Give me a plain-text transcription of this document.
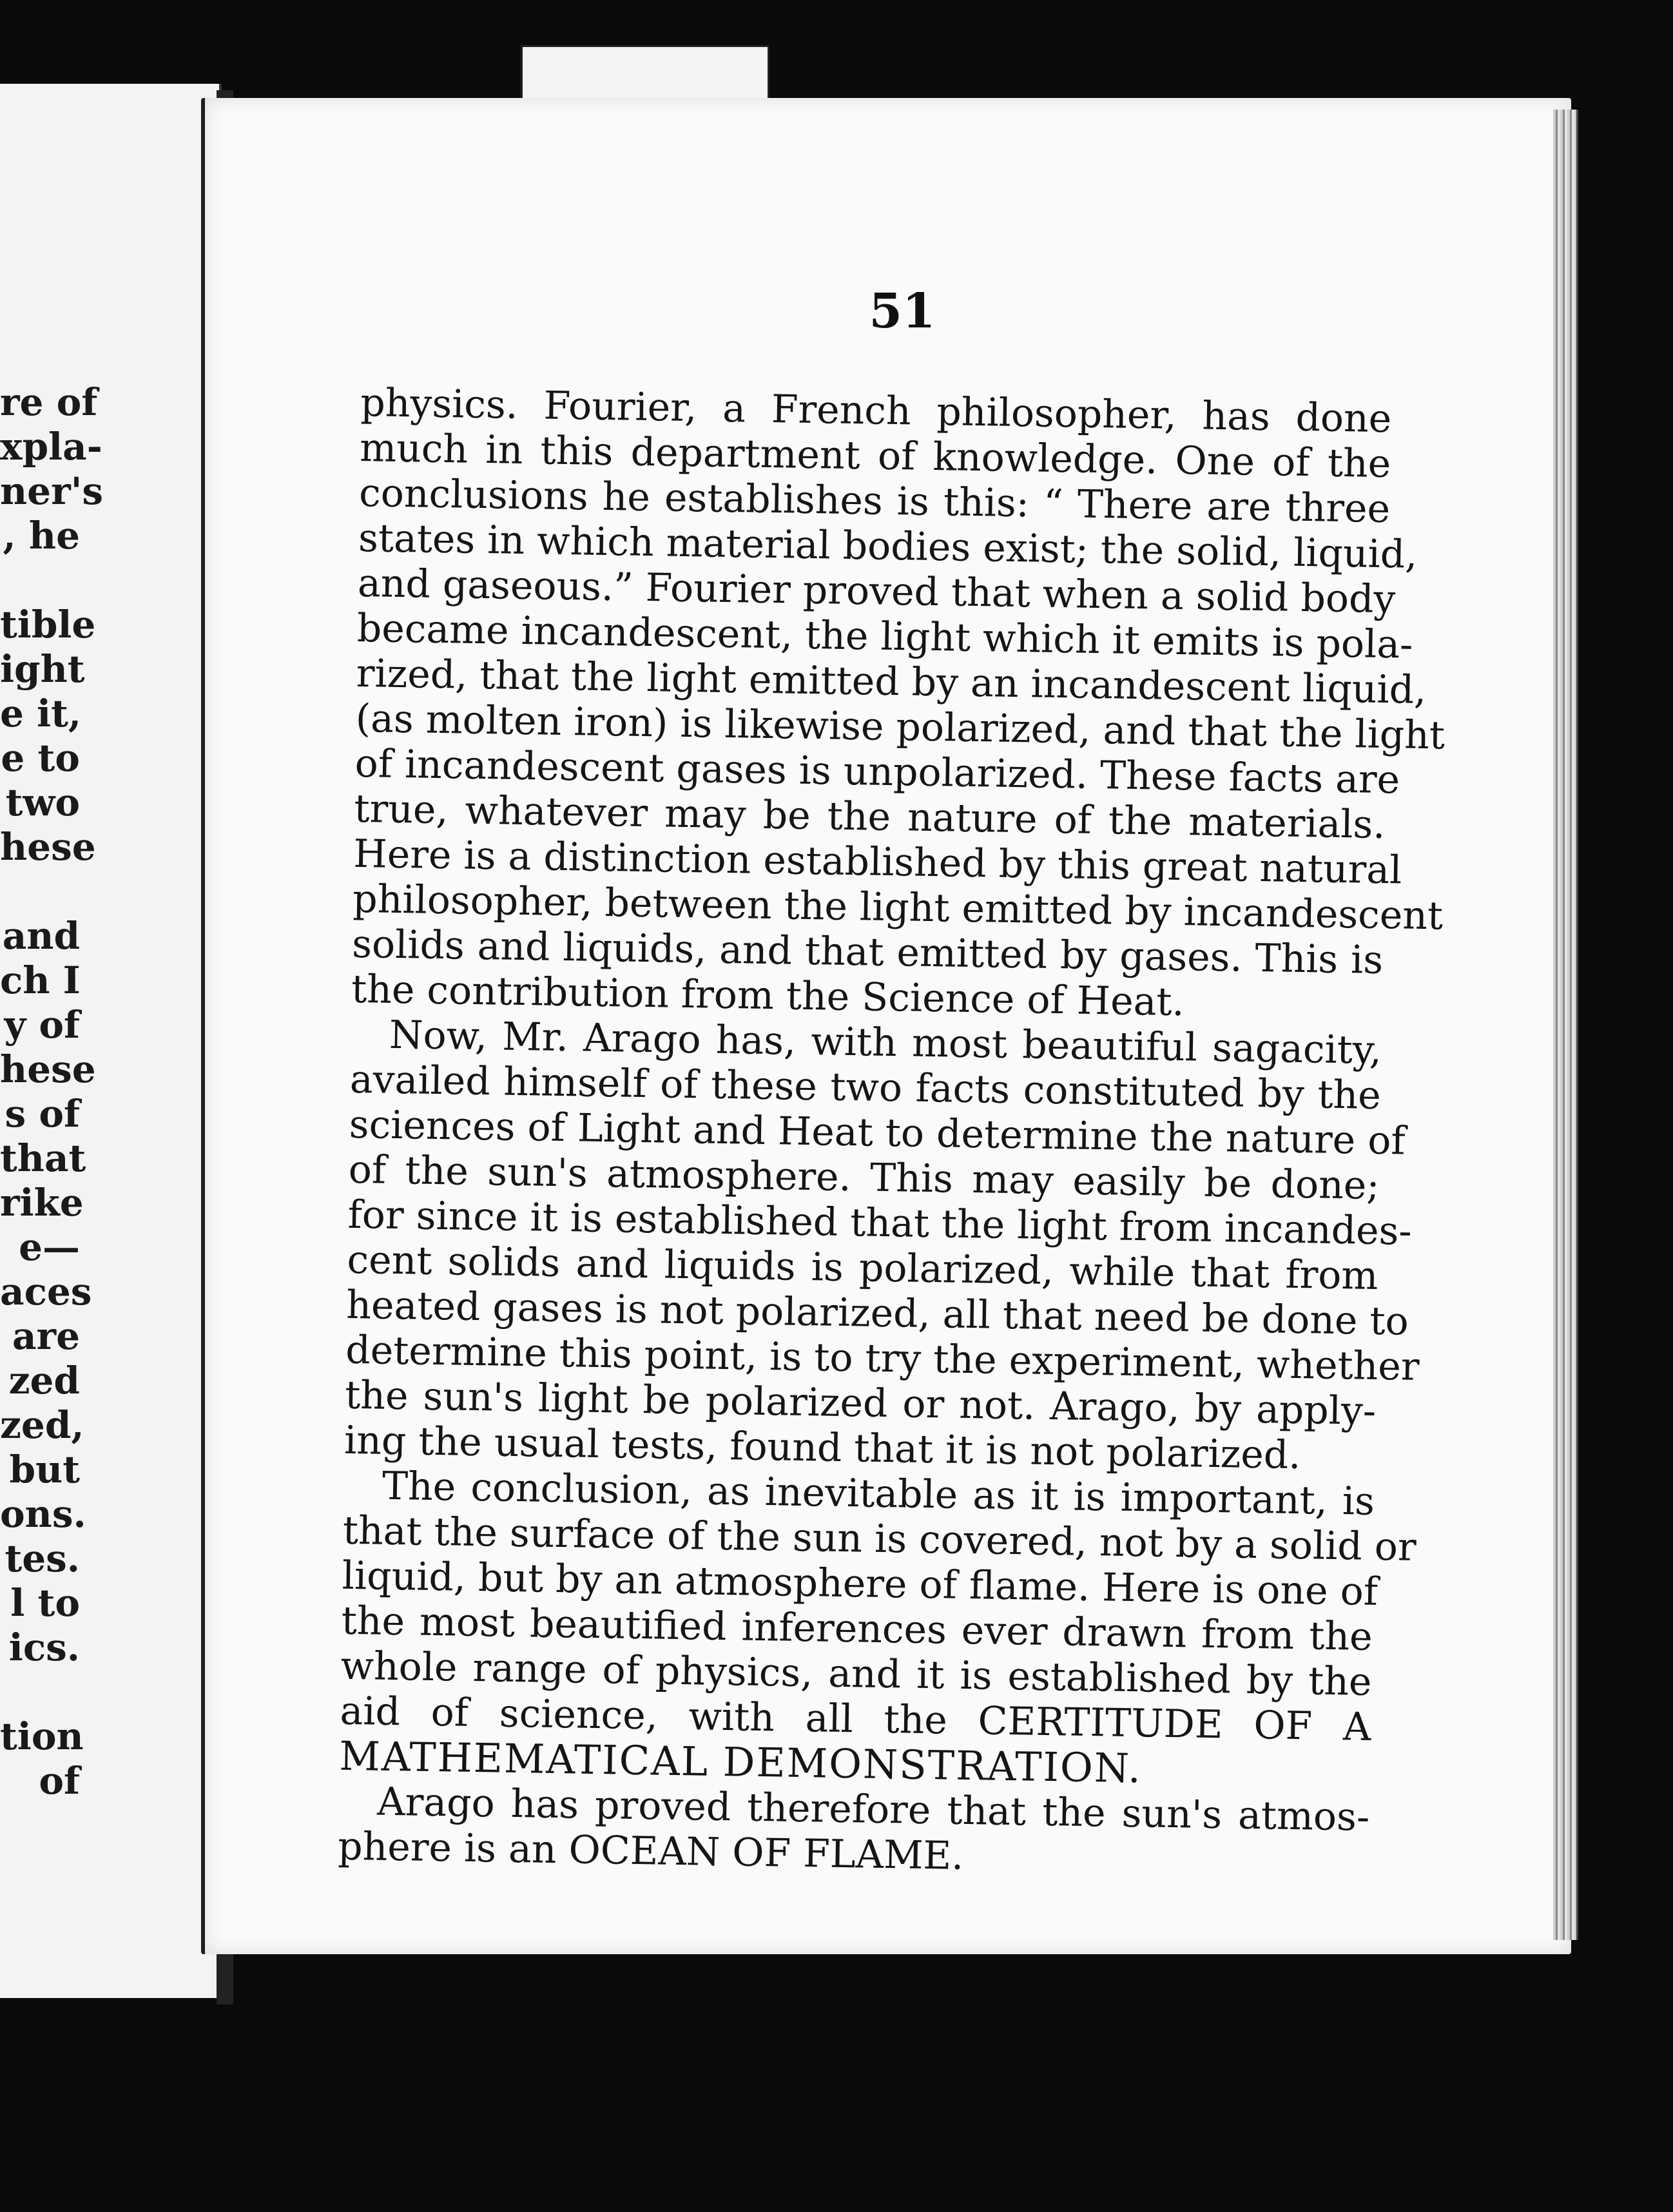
re of
xpla-
ner's
, he
tible
ight
e it,
e to
two
hese
and
ch I
y of
hese
s of
that
rike
e—
aces
are
zed
zed,
but
ons.
tes.
l to
ics.
tion
of
51
physics. Fourier, a French philosopher, has done
much in this department of knowledge. One of the
conclusions he establishes is this: “ There are three
states in which material bodies exist; the solid, liquid,
and gaseous.” Fourier proved that when a solid body
became incandescent, the light which it emits is pola-
rized, that the light emitted by an incandescent liquid,
(as molten iron) is likewise polarized, and that the light
of incandescent gases is unpolarized. These facts are
true, whatever may be the nature of the materials.
Here is a distinction established by this great natural
philosopher, between the light emitted by incandescent
solids and liquids, and that emitted by gases. This is
the contribution from the Science of Heat.
Now, Mr. Arago has, with most beautiful sagacity,
availed himself of these two facts constituted by the
sciences of Light and Heat to determine the nature of
of the sun's atmosphere. This may easily be done;
for since it is established that the light from incandes-
cent solids and liquids is polarized, while that from
heated gases is not polarized, all that need be done to
determine this point, is to try the experiment, whether
the sun's light be polarized or not. Arago, by apply-
ing the usual tests, found that it is not polarized.
The conclusion, as inevitable as it is important, is
that the surface of the sun is covered, not by a solid or
liquid, but by an atmosphere of flame. Here is one of
the most beautified inferences ever drawn from the
whole range of physics, and it is established by the
aid of science, with all the CERTITUDE OF A
MATHEMATICAL DEMONSTRATION.
Arago has proved therefore that the sun's atmos-
phere is an OCEAN OF FLAME.
